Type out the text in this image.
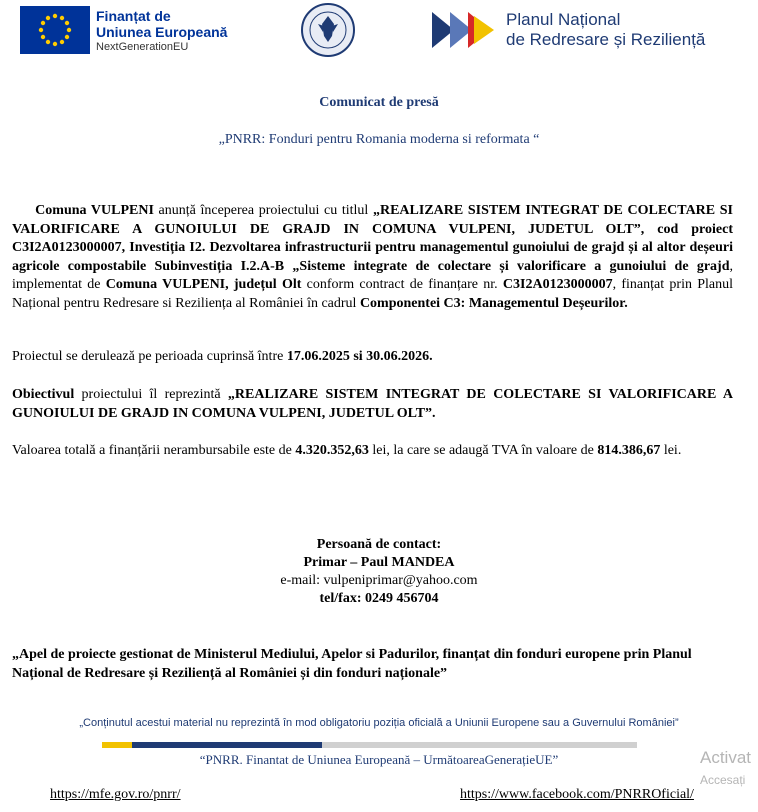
Finanțat de
Uniunea Europeană
NextGenerationEU
Planul Național
de Redresare și Reziliență
Comunicat de presă
„PNRR: Fonduri pentru Romania moderna si reformata “
Comuna VULPENI anunță începerea proiectului cu titlul „REALIZARE SISTEM INTEGRAT DE COLECTARE SI VALORIFICARE A GUNOIULUI DE GRAJD IN COMUNA VULPENI, JUDETUL OLT”, cod proiect C3I2A0123000007, Investiția I2. Dezvoltarea infrastructurii pentru managementul gunoiului de grajd și al altor deșeuri agricole compostabile Subinvestiția I.2.A-B „Sisteme integrate de colectare și valorificare a gunoiului de grajd, implementat de Comuna VULPENI, județul Olt conform contract de finanțare nr. C3I2A0123000007, finanțat prin Planul Național pentru Redresare si Reziliența al României în cadrul Componentei C3: Managementul Deșeurilor.
Proiectul se derulează pe perioada cuprinsă între 17.06.2025 si 30.06.2026.
Obiectivul proiectului îl reprezintă „REALIZARE SISTEM INTEGRAT DE COLECTARE SI VALORIFICARE A GUNOIULUI DE GRAJD IN COMUNA VULPENI, JUDETUL OLT”.
Valoarea totală a finanțării nerambursabile este de 4.320.352,63 lei, la care se adaugă TVA în valoare de 814.386,67 lei.
Persoană de contact:
Primar – Paul MANDEA
e-mail: vulpeniprimar@yahoo.com
tel/fax: 0249 456704
„Apel de proiecte gestionat de Ministerul Mediului, Apelor si Padurilor, finanțat din fonduri europene prin Planul Național de Redresare și Reziliență al României și din fonduri naționale”
„Conținutul acestui material nu reprezintă în mod obligatoriu poziția oficială a Uniunii Europene sau a Guvernului României”
“PNRR. Finantat de Uniunea Europeană – UrmătoareaGenerațieUE”
https://mfe.gov.ro/pnrr/	https://www.facebook.com/PNRROficial/
Activat
Accesați
